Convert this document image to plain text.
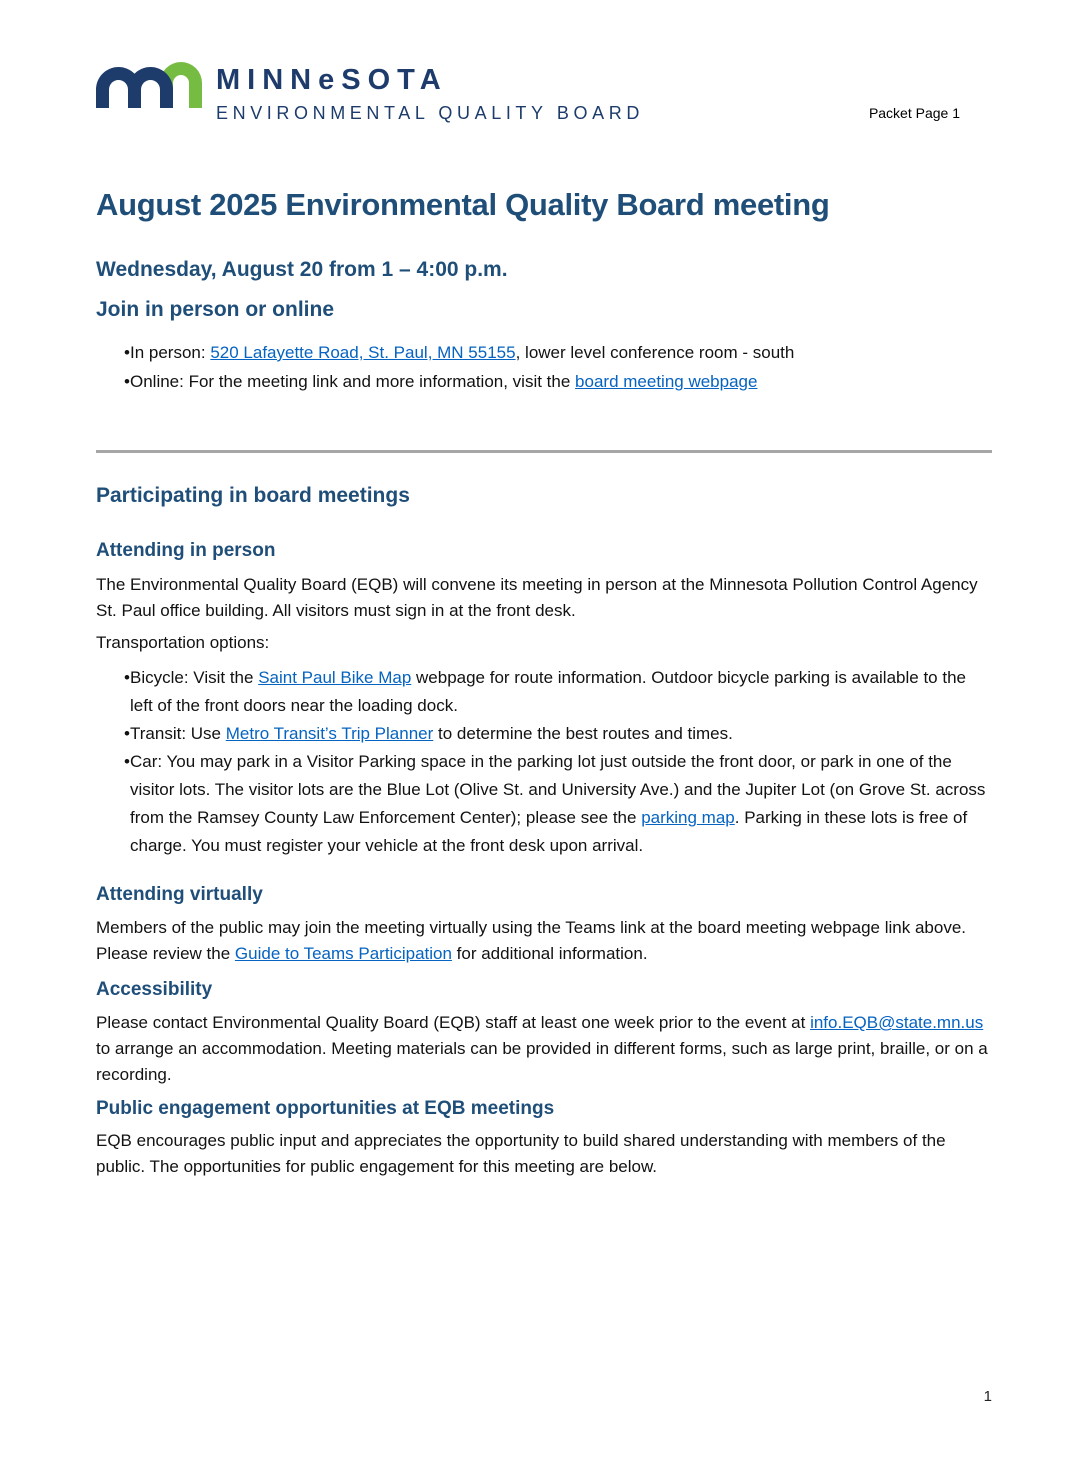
Packet Page 1
MINNeSOTA
ENVIRONMENTAL QUALITY BOARD
August 2025 Environmental Quality Board meeting
Wednesday, August 20 from 1 – 4:00 p.m.
Join in person or online
• In person: 520 Lafayette Road, St. Paul, MN 55155, lower level conference room - south
• Online: For the meeting link and more information, visit the board meeting webpage
Participating in board meetings
Attending in person

The Environmental Quality Board (EQB) will convene its meeting in person at the Minnesota Pollution Control Agency St. Paul office building. All visitors must sign in at the front desk.

Transportation options:

• Bicycle: Visit the Saint Paul Bike Map webpage for route information. Outdoor bicycle parking is available to the left of the front doors near the loading dock.
• Transit: Use Metro Transit’s Trip Planner to determine the best routes and times.
• Car: You may park in a Visitor Parking space in the parking lot just outside the front door, or park in one of the visitor lots. The visitor lots are the Blue Lot (Olive St. and University Ave.) and the Jupiter Lot (on Grove St. across from the Ramsey County Law Enforcement Center); please see the parking map. Parking in these lots is free of charge. You must register your vehicle at the front desk upon arrival.
Attending virtually

Members of the public may join the meeting virtually using the Teams link at the board meeting webpage link above. Please review the Guide to Teams Participation for additional information.

Accessibility

Please contact Environmental Quality Board (EQB) staff at least one week prior to the event at info.EQB@state.mn.us to arrange an accommodation. Meeting materials can be provided in different forms, such as large print, braille, or on a recording.

Public engagement opportunities at EQB meetings

EQB encourages public input and appreciates the opportunity to build shared understanding with members of the public. The opportunities for public engagement for this meeting are below.

1
